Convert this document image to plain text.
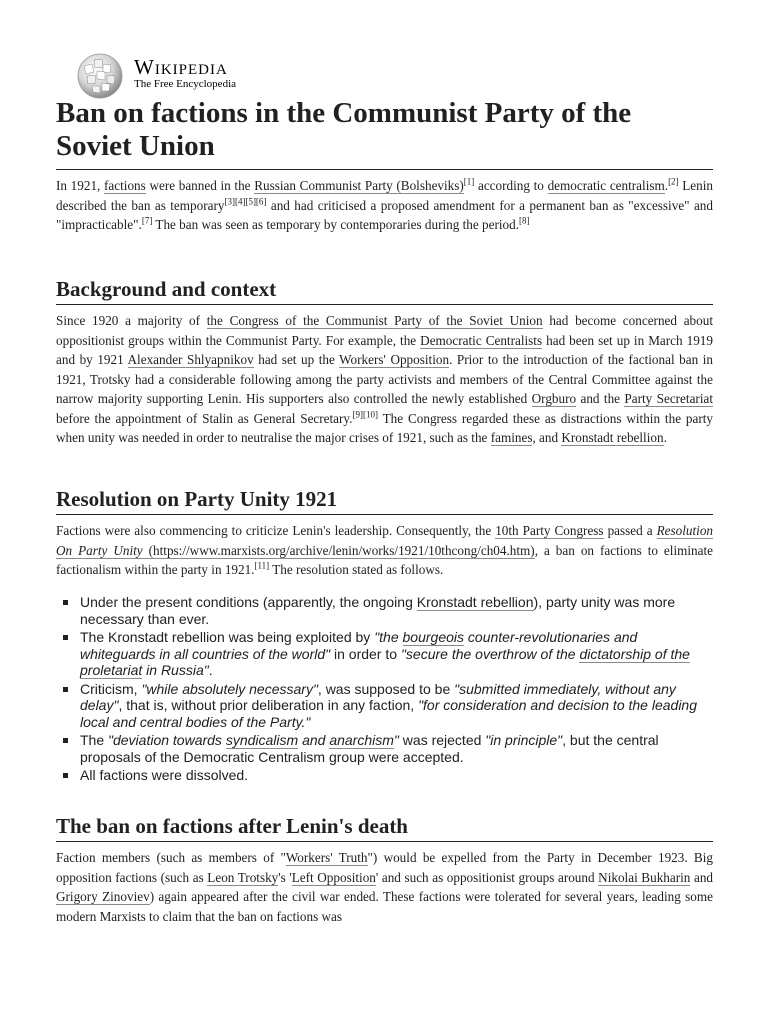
Wikipedia
The Free Encyclopedia
Ban on factions in the Communist Party of the Soviet Union

In 1921, factions were banned in the Russian Communist Party (Bolsheviks)[1] according to democratic centralism.[2] Lenin described the ban as temporary[3][4][5][6] and had criticised a proposed amendment for a permanent ban as "excessive" and "impracticable".[7] The ban was seen as temporary by contemporaries during the period.[8]

Background and context

Since 1920 a majority of the Congress of the Communist Party of the Soviet Union had become concerned about oppositionist groups within the Communist Party. For example, the Democratic Centralists had been set up in March 1919 and by 1921 Alexander Shlyapnikov had set up the Workers' Opposition. Prior to the introduction of the factional ban in 1921, Trotsky had a considerable following among the party activists and members of the Central Committee against the narrow majority supporting Lenin. His supporters also controlled the newly established Orgburo and the Party Secretariat before the appointment of Stalin as General Secretary.[9][10] The Congress regarded these as distractions within the party when unity was needed in order to neutralise the major crises of 1921, such as the famines, and Kronstadt rebellion.

Resolution on Party Unity 1921

Factions were also commencing to criticize Lenin's leadership. Consequently, the 10th Party Congress passed a Resolution On Party Unity (https://www.marxists.org/archive/lenin/works/1921/10thcong/ch04.htm), a ban on factions to eliminate factionalism within the party in 1921.[11] The resolution stated as follows.

Under the present conditions (apparently, the ongoing Kronstadt rebellion), party unity was more necessary than ever.
The Kronstadt rebellion was being exploited by "the bourgeois counter-revolutionaries and whiteguards in all countries of the world" in order to "secure the overthrow of the dictatorship of the proletariat in Russia".
Criticism, "while absolutely necessary", was supposed to be "submitted immediately, without any delay", that is, without prior deliberation in any faction, "for consideration and decision to the leading local and central bodies of the Party."
The "deviation towards syndicalism and anarchism" was rejected "in principle", but the central proposals of the Democratic Centralism group were accepted.
All factions were dissolved.
The ban on factions after Lenin's death

Faction members (such as members of "Workers' Truth") would be expelled from the Party in December 1923. Big opposition factions (such as Leon Trotsky's 'Left Opposition' and such as oppositionist groups around Nikolai Bukharin and Grigory Zinoviev) again appeared after the civil war ended. These factions were tolerated for several years, leading some modern Marxists to claim that the ban on factions was
